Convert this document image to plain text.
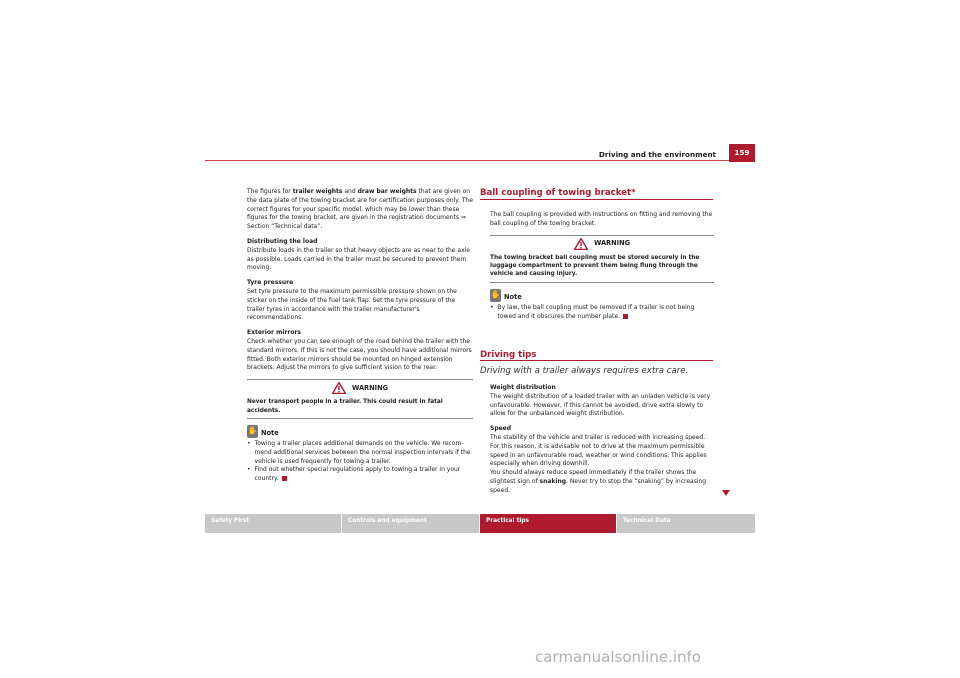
Driving and the environment	159

The figures for trailer weights and draw bar weights that are given on the data plate of the towing bracket are for certification purposes only. The correct figures for your specific model, which may be lower than these figures for the towing bracket, are given in the registration documents ⇒ Section “Technical data”.

Distributing the load

Distribute loads in the trailer so that heavy objects are as near to the axle as possible. Loads carried in the trailer must be secured to prevent them moving.

Tyre pressure

Set tyre pressure to the maximum permissible pressure shown on the sticker on the inside of the fuel tank flap. Set the tyre pressure of the trailer tyres in accordance with the trailer manufacturer's recommendations.

Exterior mirrors

Check whether you can see enough of the road behind the trailer with the standard mirrors. If this is not the case, you should have additional mirrors fitted. Both exterior mirrors should be mounted on hinged extension brackets. Adjust the mirrors to give sufficient vision to the rear.

WARNING
Never transport people in a trailer. This could result in fatal accidents.
✋ Note
• Towing a trailer places additional demands on the vehicle. We recom-mend additional services between the normal inspection intervals if the vehicle is used frequently for towing a trailer.
• Find out whether special regulations apply to towing a trailer in your country.
Ball coupling of towing bracket*

The ball coupling is provided with instructions on fitting and removing the ball coupling of the towing bracket.

WARNING
The towing bracket ball coupling must be stored securely in the luggage compartment to prevent them being flung through the vehicle and causing injury.
✋ Note
• By law, the ball coupling must be removed if a trailer is not being towed and it obscures the number plate.
Driving tips
Driving with a trailer always requires extra care.
Weight distribution

The weight distribution of a loaded trailer with an unladen vehicle is very unfavourable. However, if this cannot be avoided, drive extra slowly to allow for the unbalanced weight distribution.

Speed

The stability of the vehicle and trailer is reduced with increasing speed. For this reason, it is advisable not to drive at the maximum permissible speed in an unfavourable road, weather or wind conditions. This applies especially when driving downhill.

You should always reduce speed immediately if the trailer shows the slightest sign of snaking. Never try to stop the “snaking” by increasing speed.

Safety First	Controls and equipment	Practical tips	Technical Data
carmanualsonline.info
